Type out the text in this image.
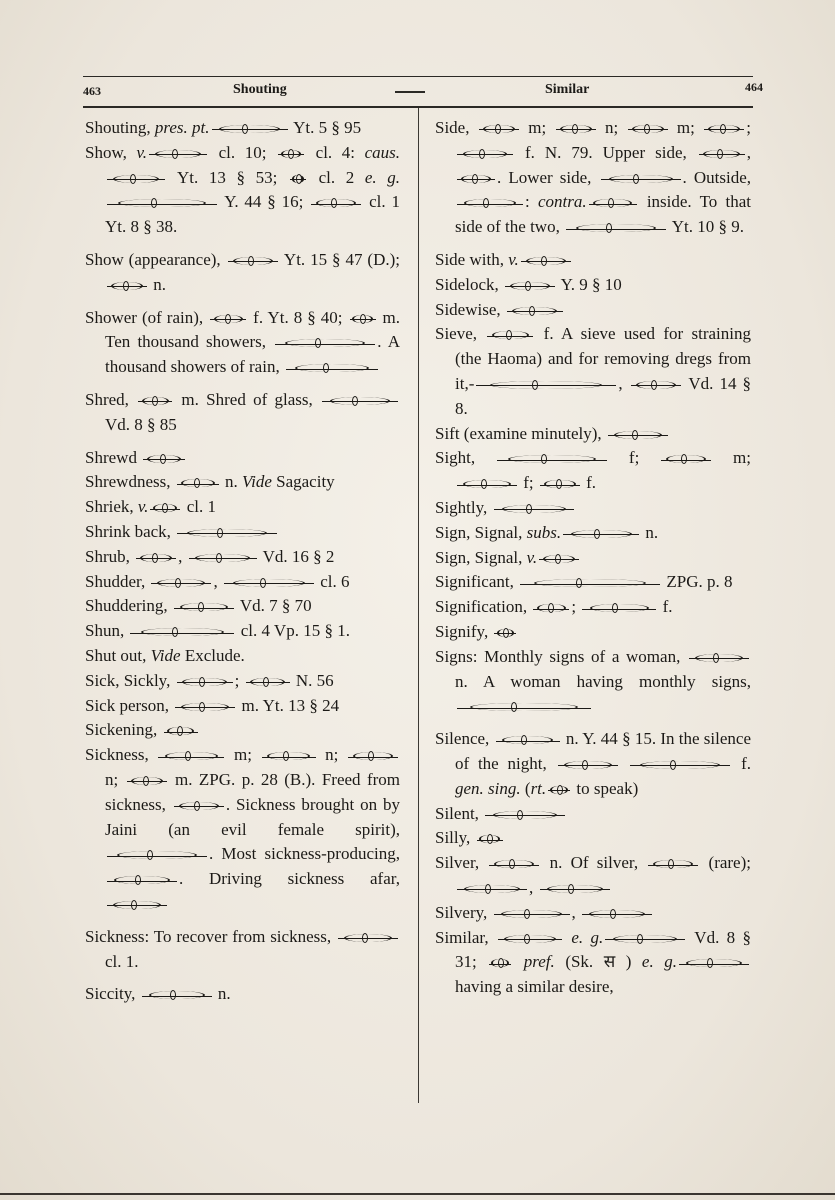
463	Shouting	Similar	464

Shouting, pres. pt.	Yt. 5 § 95

Show, v.	cl. 10;  cl. 4: caus. Yt. 13 § 53;  cl. 2 e. g. Y. 44 § 16;	cl. 1 Yt. 8 § 38.

Show (appearance),	Yt. 15 § 47 (D.);  n.

Shower (of rain),  f. Yt. 8 § 40;  m. Ten thousand showers,	. A thousand showers of rain,

Shred,  m. Shred of glass,  Vd. 8 § 85

Shrewd

Shrewdness,	n. Vide Sagacity

Shriek, v. cl. 1

Shrink back,

Shrub,	,	Vd. 16 § 2

Shudder,	,	cl. 6

Shuddering,	Vd. 7 § 70

Shun,	cl. 4 Vp. 15 § 1.

Shut out, Vide Exclude.

Sick, Sickly,	;	N. 56

Sick person,	m. Yt. 13 § 24

Sickening,

Sickness,	m;	n;  n;	m. ZPG. p. 28 (B.). Freed from sickness,	. Sickness brought on by Jaini (an evil female spirit), . Most sickness-producing, . Driving sickness afar,

Sickness: To recover from sickness,  cl. 1.

Siccity,	n.

Side,	m;	n;	m;	;  f. N. 79. Upper side,	, . Lower side,	. Outside, : contra.	inside. To that side of the two,	Yt. 10 § 9.

Side with, v.

Sidelock,	Y. 9 § 10

Sidewise,

Sieve,	f. A sieve used for straining (the Haoma) and for removing dregs from it,-	,	Vd. 14 § 8.

Sift (examine minutely),

Sight,	f;	m;  f;	f.

Sightly,

Sign, Signal, subs.	n.

Sign, Signal, v.

Significant,	ZPG. p. 8

Signification, ;	f.

Signify,

Signs: Monthly signs of a woman,  n. A woman having monthly signs,

Silence,	n. Y. 44 § 15. In the silence of the night,	f. gen. sing. (rt. to speak)

Silent,

Silly,

Silver,	n. Of silver,	(rare); ,

Silvery,	,

Similar,	e. g.	Vd. 8 § 31;  pref. (Sk. स ) e. g. having a similar desire,
